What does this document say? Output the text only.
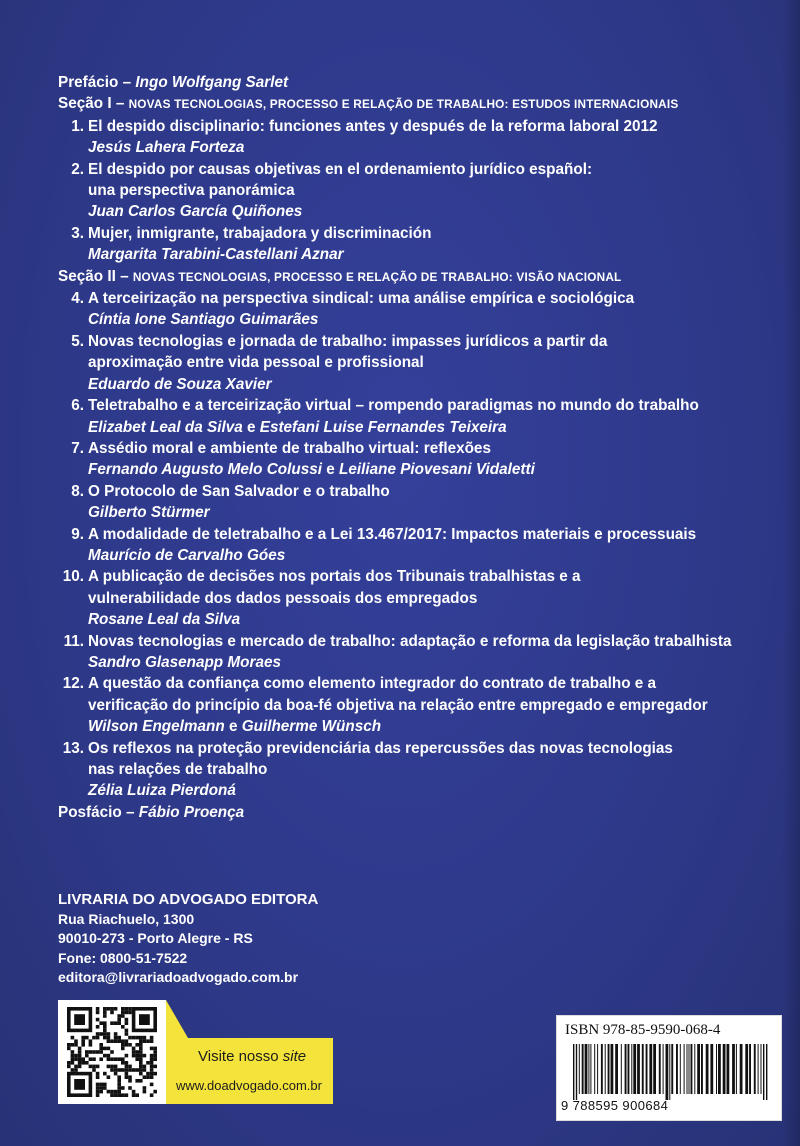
Prefácio – Ingo Wolfgang Sarlet
Seção I – NOVAS TECNOLOGIAS, PROCESSO E RELAÇÃO DE TRABALHO: ESTUDOS INTERNACIONAIS
1. El despido disciplinario: funciones antes y después de la reforma laboral 2012
Jesús Lahera Forteza
2. El despido por causas objetivas en el ordenamiento jurídico español:
una perspectiva panorámica
Juan Carlos García Quiñones
3. Mujer, inmigrante, trabajadora y discriminación
Margarita Tarabini-Castellani Aznar
Seção II – NOVAS TECNOLOGIAS, PROCESSO E RELAÇÃO DE TRABALHO: VISÃO NACIONAL
4. A terceirização na perspectiva sindical: uma análise empírica e sociológica
Cíntia Ione Santiago Guimarães
5. Novas tecnologias e jornada de trabalho: impasses jurídicos a partir da
aproximação entre vida pessoal e profissional
Eduardo de Souza Xavier
6. Teletrabalho e a terceirização virtual – rompendo paradigmas no mundo do trabalho
Elizabet Leal da Silva e Estefani Luise Fernandes Teixeira
7. Assédio moral e ambiente de trabalho virtual: reflexões
Fernando Augusto Melo Colussi e Leiliane Piovesani Vidaletti
8. O Protocolo de San Salvador e o trabalho
Gilberto Stürmer
9. A modalidade de teletrabalho e a Lei 13.467/2017: Impactos materiais e processuais
Maurício de Carvalho Góes
10. A publicação de decisões nos portais dos Tribunais trabalhistas e a
vulnerabilidade dos dados pessoais dos empregados
Rosane Leal da Silva
11. Novas tecnologias e mercado de trabalho: adaptação e reforma da legislação trabalhista
Sandro Glasenapp Moraes
12. A questão da confiança como elemento integrador do contrato de trabalho e a
verificação do princípio da boa-fé objetiva na relação entre empregado e empregador
Wilson Engelmann e Guilherme Wünsch
13. Os reflexos na proteção previdenciária das repercussões das novas tecnologias
nas relações de trabalho
Zélia Luiza Pierdoná
Posfácio – Fábio Proença
LIVRARIA DO ADVOGADO EDITORA
Rua Riachuelo, 1300
90010-273 - Porto Alegre - RS
Fone: 0800-51-7522
editora@livrariadoadvogado.com.br
Visite nosso site
www.doadvogado.com.br
ISBN 978-85-9590-068-4
9 788595 900684
